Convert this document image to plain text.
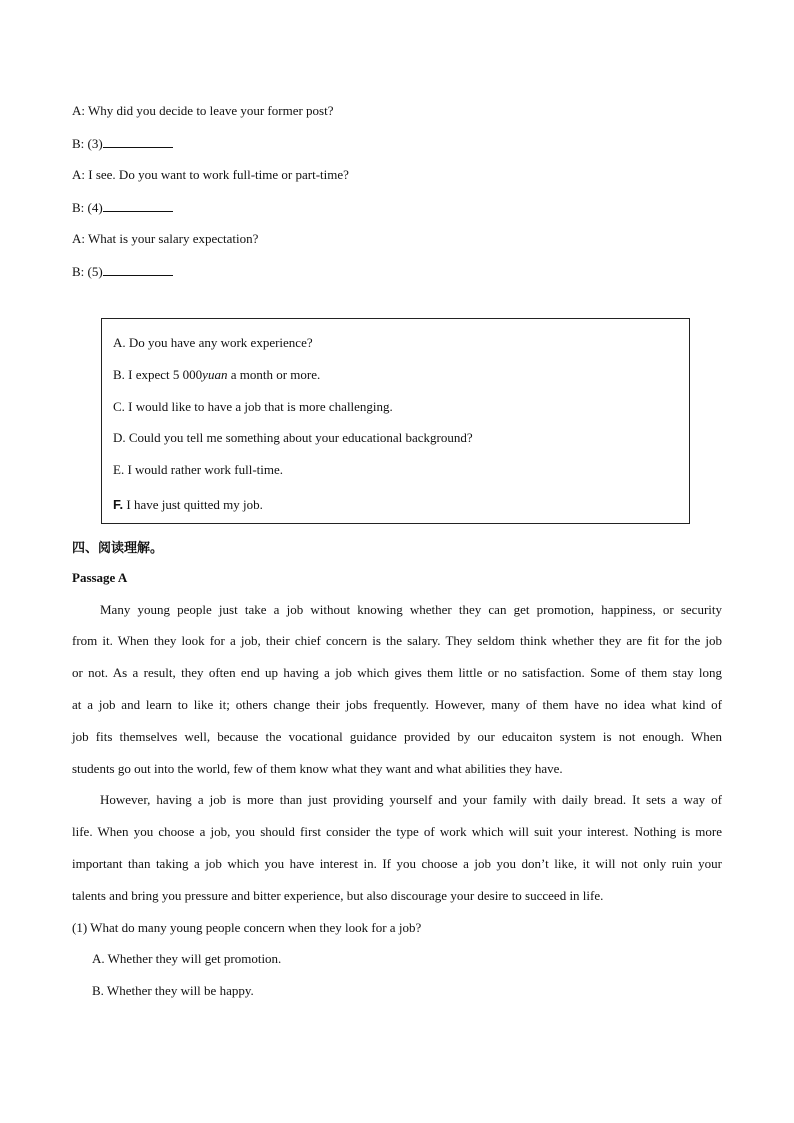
A: Why did you decide to leave your former post?
B: (3)
A: I see. Do you want to work full-time or part-time?
B: (4)
A: What is your salary expectation?
B: (5)
A. Do you have any work experience?
B. I expect 5 000yuan a month or more.
C. I would like to have a job that is more challenging.
D. Could you tell me something about your educational background?
E. I would rather work full-time.
F. I have just quitted my job.
四、阅读理解。
Passage A
Many young people just take a job without knowing whether they can get promotion, happiness, or security
from it. When they look for a job, their chief concern is the salary. They seldom think whether they are fit for the job
or not. As a result, they often end up having a job which gives them little or no satisfaction. Some of them stay long
at a job and learn to like it; others change their jobs frequently. However, many of them have no idea what kind of
job fits themselves well, because the vocational guidance provided by our educaiton system is not enough. When
students go out into the world, few of them know what they want and what abilities they have.
However, having a job is more than just providing yourself and your family with daily bread. It sets a way of
life. When you choose a job, you should first consider the type of work which will suit your interest. Nothing is more
important than taking a job which you have interest in. If you choose a job you don’t like, it will not only ruin your
talents and bring you pressure and bitter experience, but also discourage your desire to succeed in life.
(1) What do many young people concern when they look for a job?
A. Whether they will get promotion.
B. Whether they will be happy.
